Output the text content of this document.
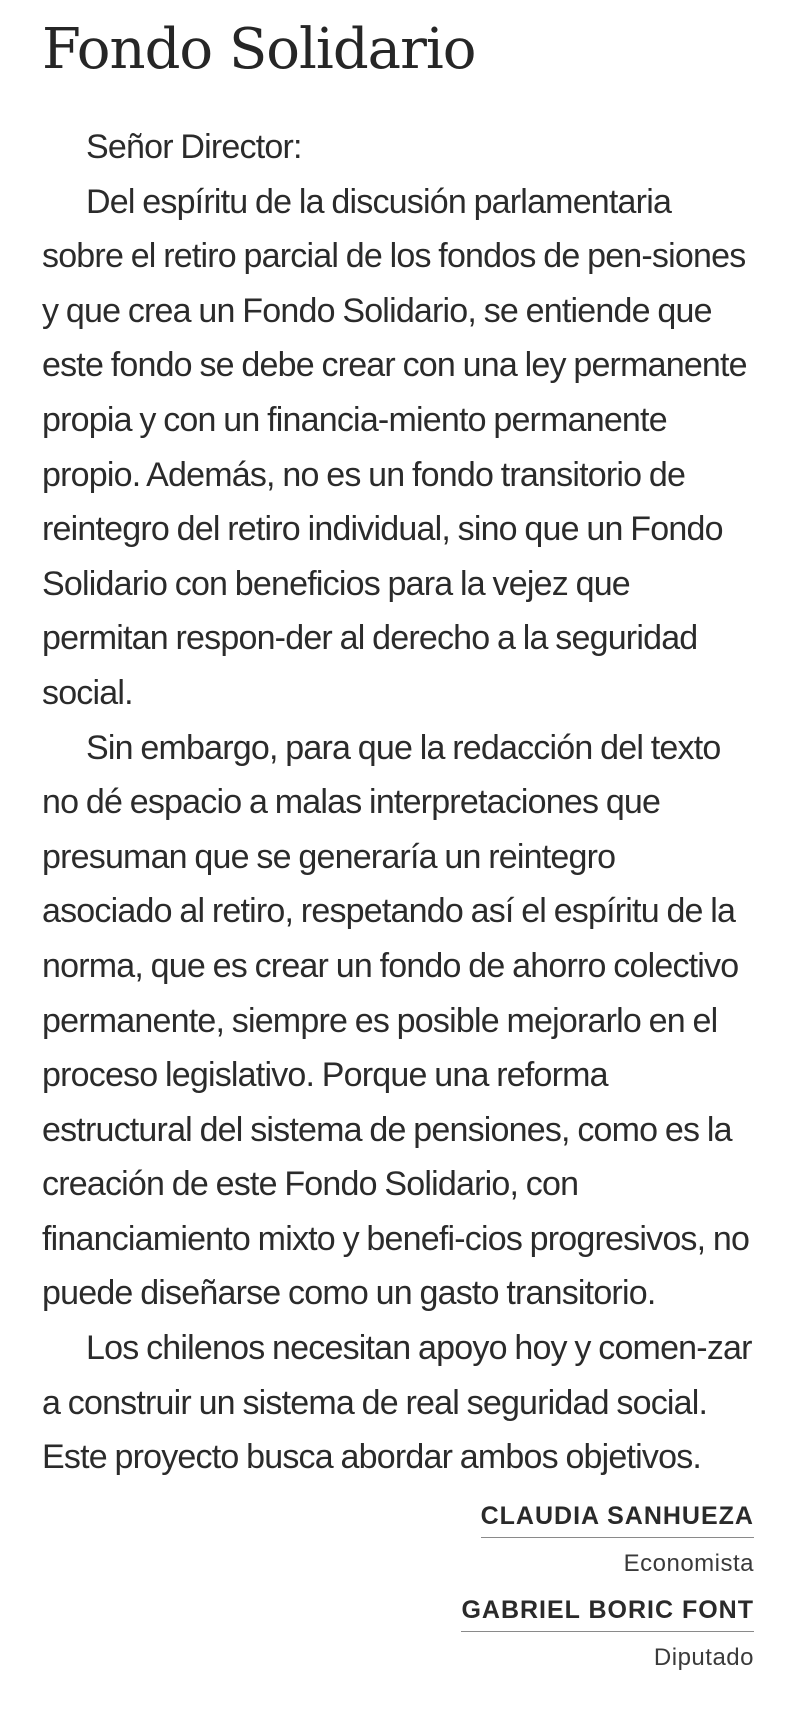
Fondo Solidario

Señor Director:

Del espíritu de la discusión parlamentaria sobre el retiro parcial de los fondos de pen-siones y que crea un Fondo Solidario, se entiende que este fondo se debe crear con una ley permanente propia y con un financia-miento permanente propio. Además, no es un fondo transitorio de reintegro del retiro individual, sino que un Fondo Solidario con beneficios para la vejez que permitan respon-der al derecho a la seguridad social.

Sin embargo, para que la redacción del texto no dé espacio a malas interpretaciones que presuman que se generaría un reintegro asociado al retiro, respetando así el espíritu de la norma, que es crear un fondo de ahorro colectivo permanente, siempre es posible mejorarlo en el proceso legislativo. Porque una reforma estructural del sistema de pensiones, como es la creación de este Fondo Solidario, con financiamiento mixto y benefi-cios progresivos, no puede diseñarse como un gasto transitorio.

Los chilenos necesitan apoyo hoy y comen-zar a construir un sistema de real seguridad social. Este proyecto busca abordar ambos objetivos.

CLAUDIA SANHUEZA
Economista
GABRIEL BORIC FONT
Diputado
